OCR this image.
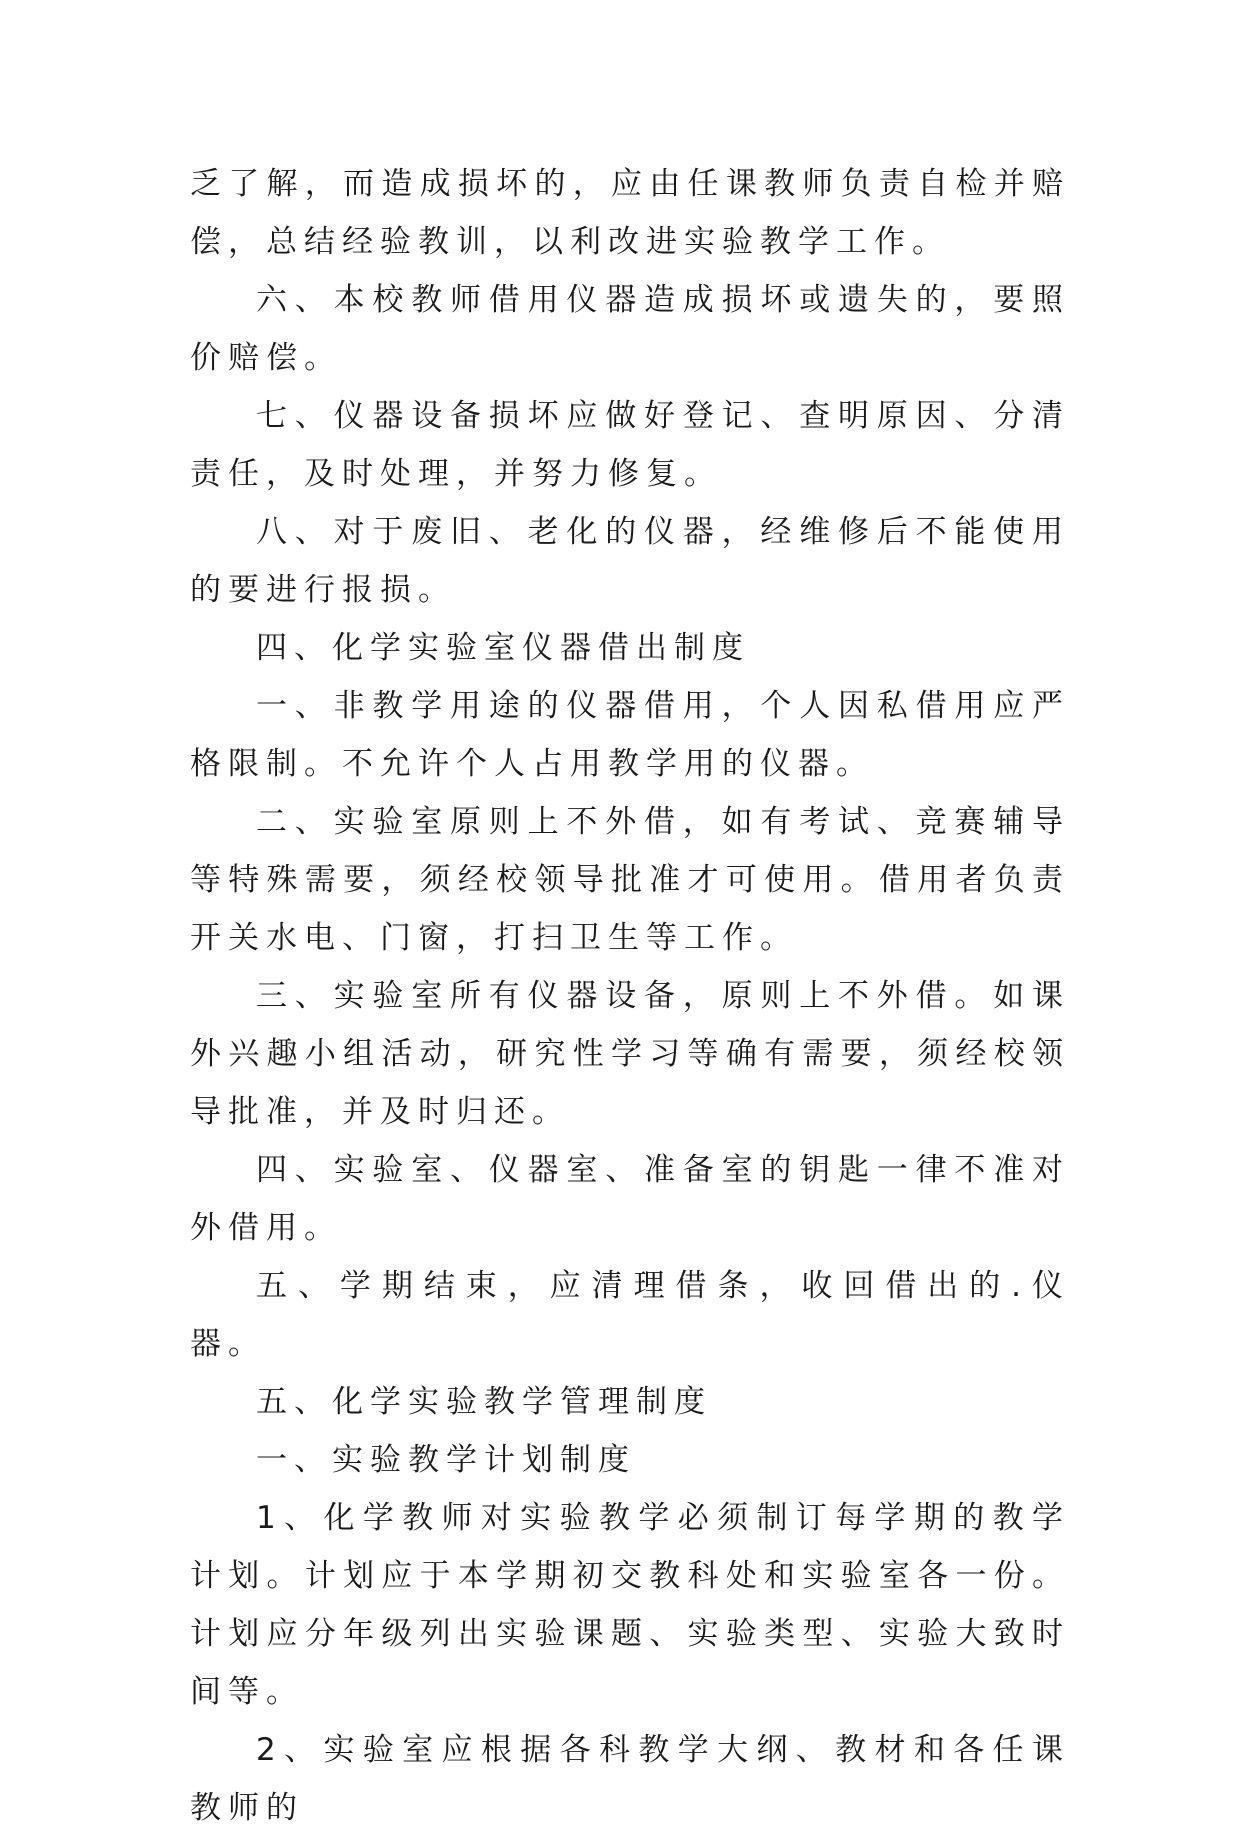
乏了解，而造成损坏的，应由任课教师负责自检并赔偿，总结经验教训，以利改进实验教学工作。

六、本校教师借用仪器造成损坏或遗失的，要照价赔偿。

七、仪器设备损坏应做好登记、查明原因、分清责任，及时处理，并努力修复。

八、对于废旧、老化的仪器，经维修后不能使用的要进行报损。

四、化学实验室仪器借出制度

一、非教学用途的仪器借用，个人因私借用应严格限制。不允许个人占用教学用的仪器。

二、实验室原则上不外借，如有考试、竞赛辅导等特殊需要，须经校领导批准才可使用。借用者负责开关水电、门窗，打扫卫生等工作。

三、实验室所有仪器设备，原则上不外借。如课外兴趣小组活动，研究性学习等确有需要，须经校领导批准，并及时归还。

四、实验室、仪器室、准备室的钥匙一律不准对外借用。

五、学期结束，应清理借条，收回借出的.仪器。

五、化学实验教学管理制度

一、实验教学计划制度

1、化学教师对实验教学必须制订每学期的教学计划。计划应于本学期初交教科处和实验室各一份。计划应分年级列出实验课题、实验类型、实验大致时间等。

2、实验室应根据各科教学大纲、教材和各任课教师的
